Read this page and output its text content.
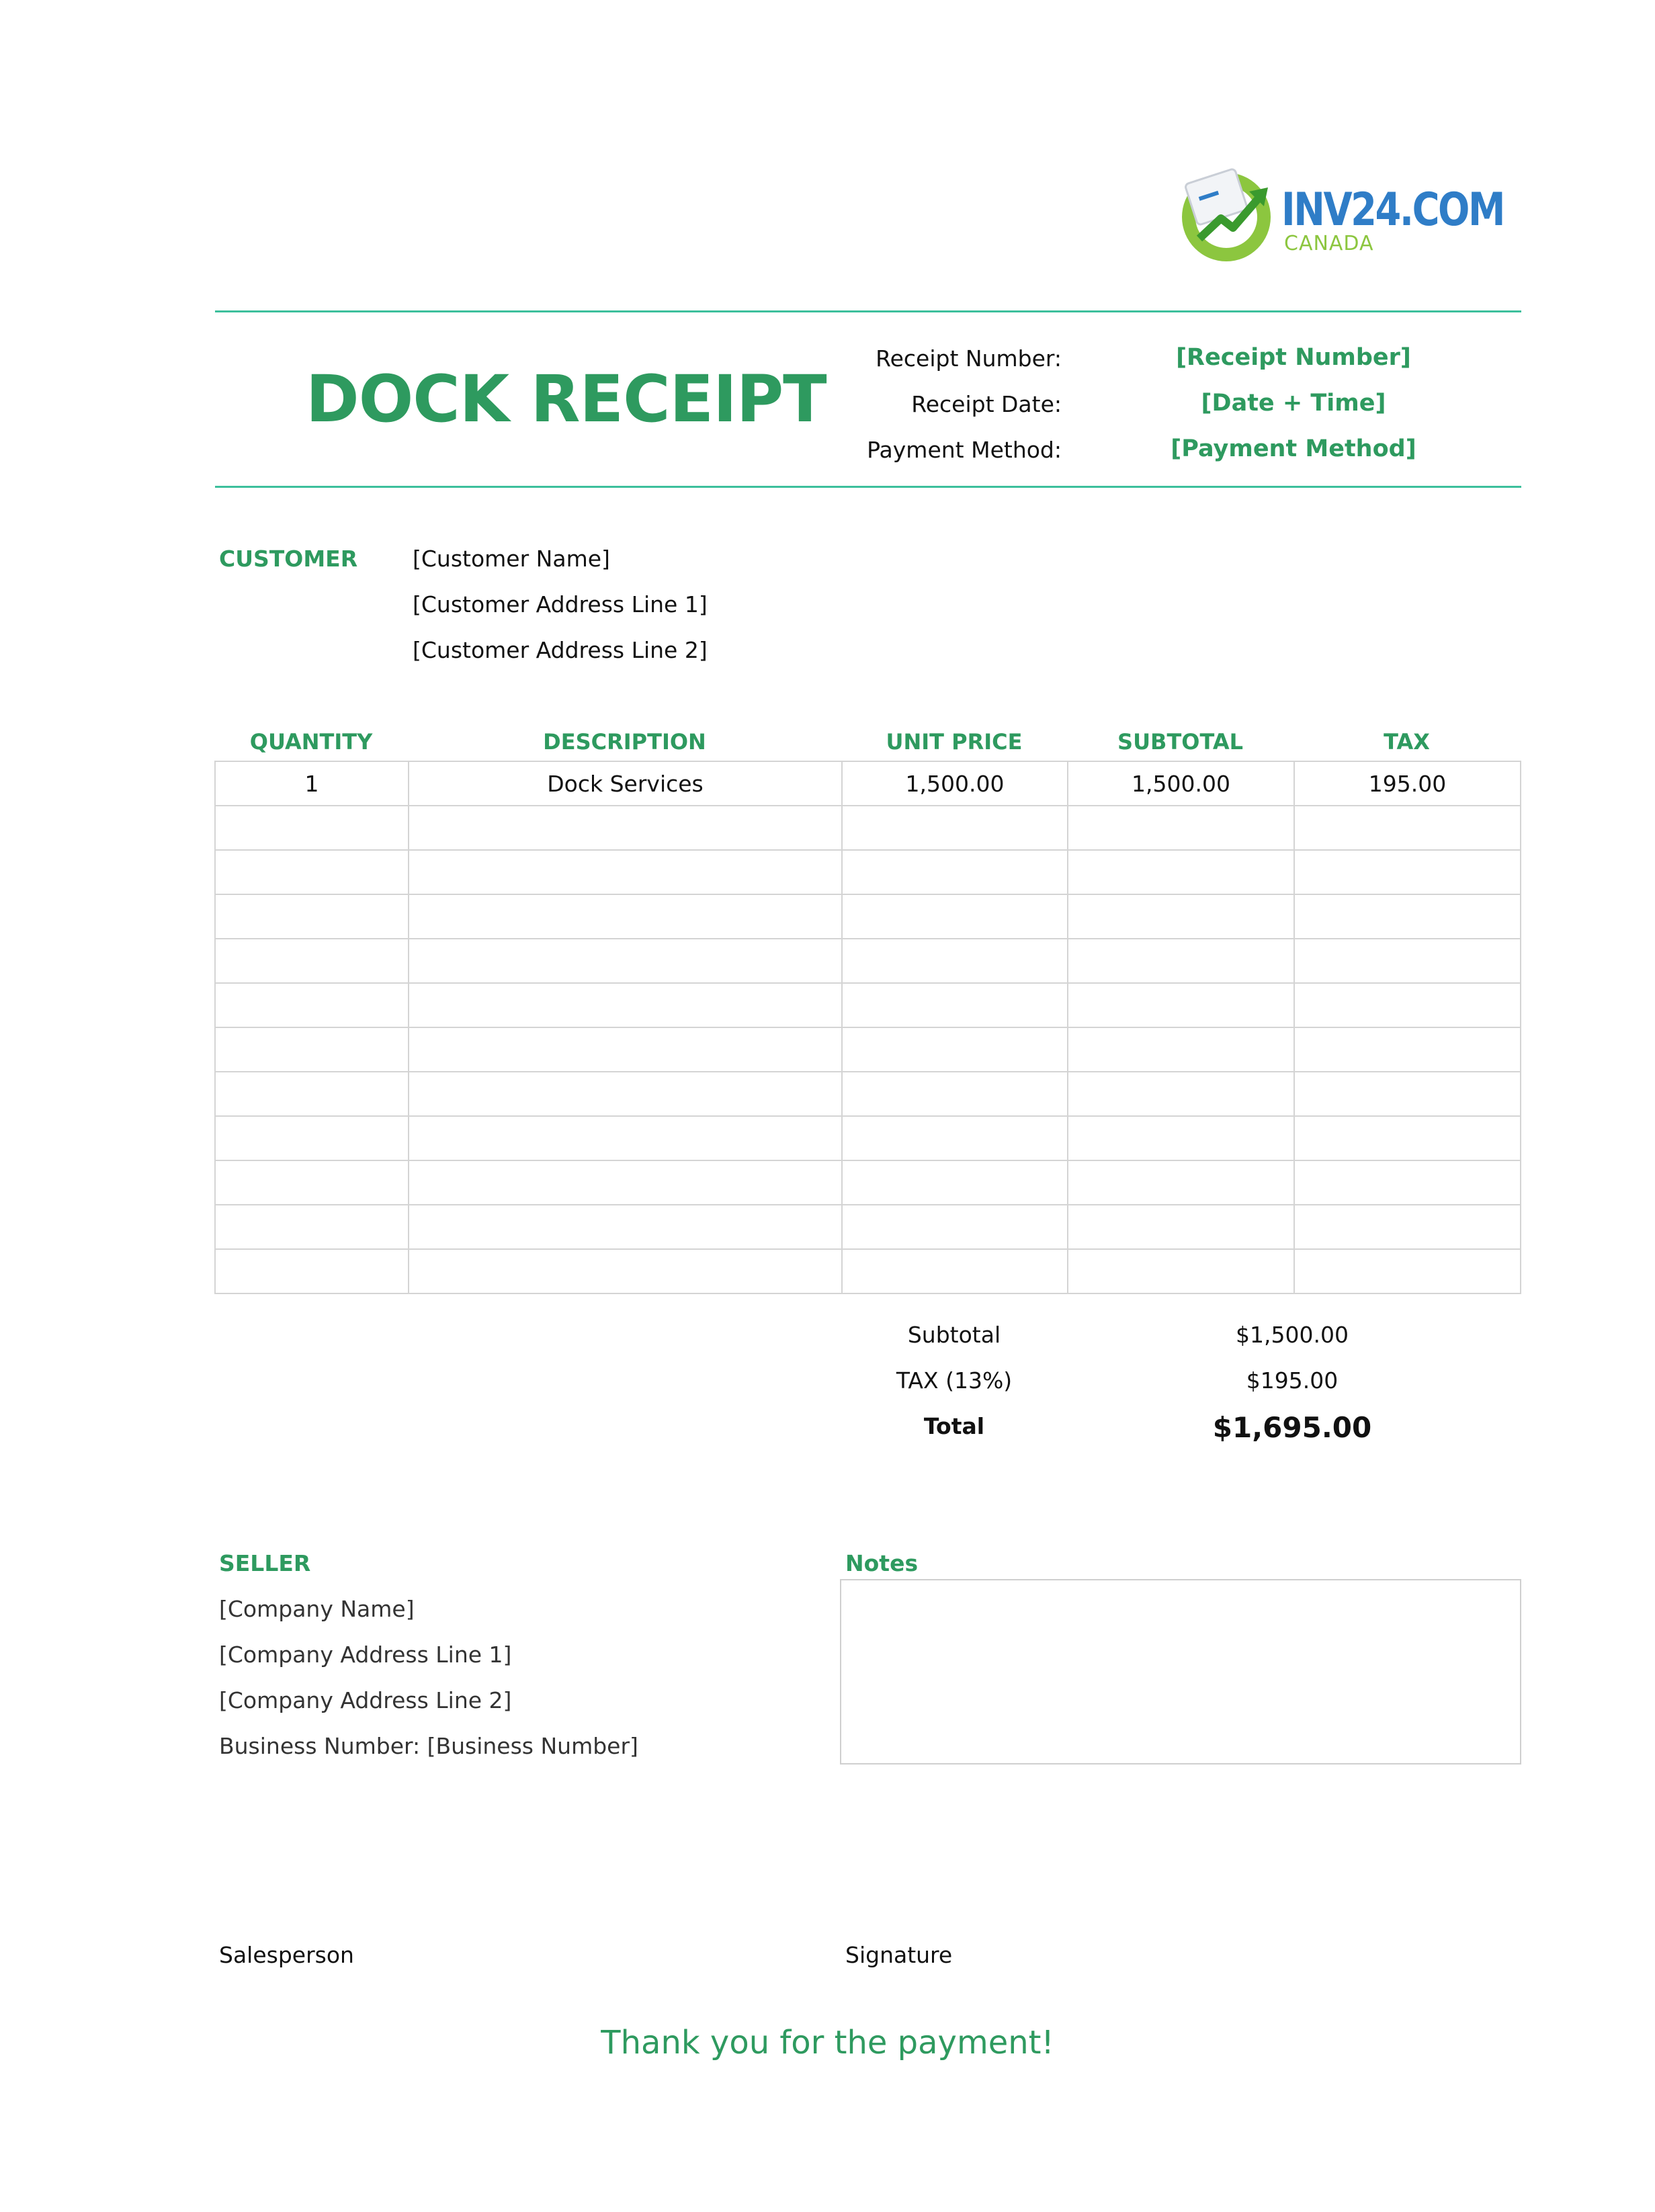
INV24.COM
CANADA
DOCK RECEIPT
Receipt Number:	[Receipt Number]
Receipt Date:	[Date + Time]
Payment Method:	[Payment Method]
CUSTOMER [Customer Name]
[Customer Address Line 1]
[Customer Address Line 2]
QUANTITY	DESCRIPTION	UNIT PRICE	SUBTOTAL	TAX
1	Dock Services	1,500.00	1,500.00	195.00

Subtotal	$1,500.00
TAX (13%)	$195.00
Total	$1,695.00
SELLER
[Company Name]
[Company Address Line 1]
[Company Address Line 2]
Business Number: [Business Number]
Notes
Salesperson	Signature
Thank you for the payment!
